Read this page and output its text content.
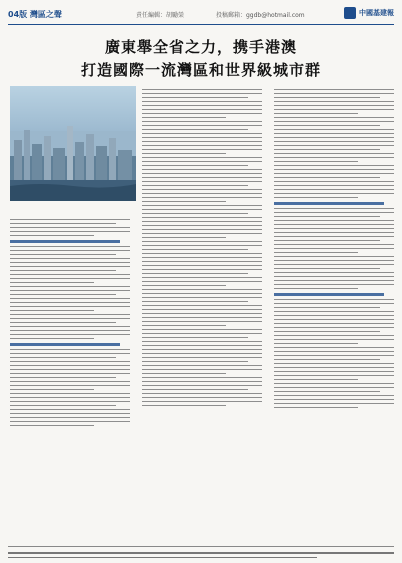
04版 灣區之聲	責任編輯：胡勵榮	投稿郵箱：ggdb@hotmail.com	中國基建報
廣東舉全省之力，携手港澳
打造國際一流灣區和世界級城市群
